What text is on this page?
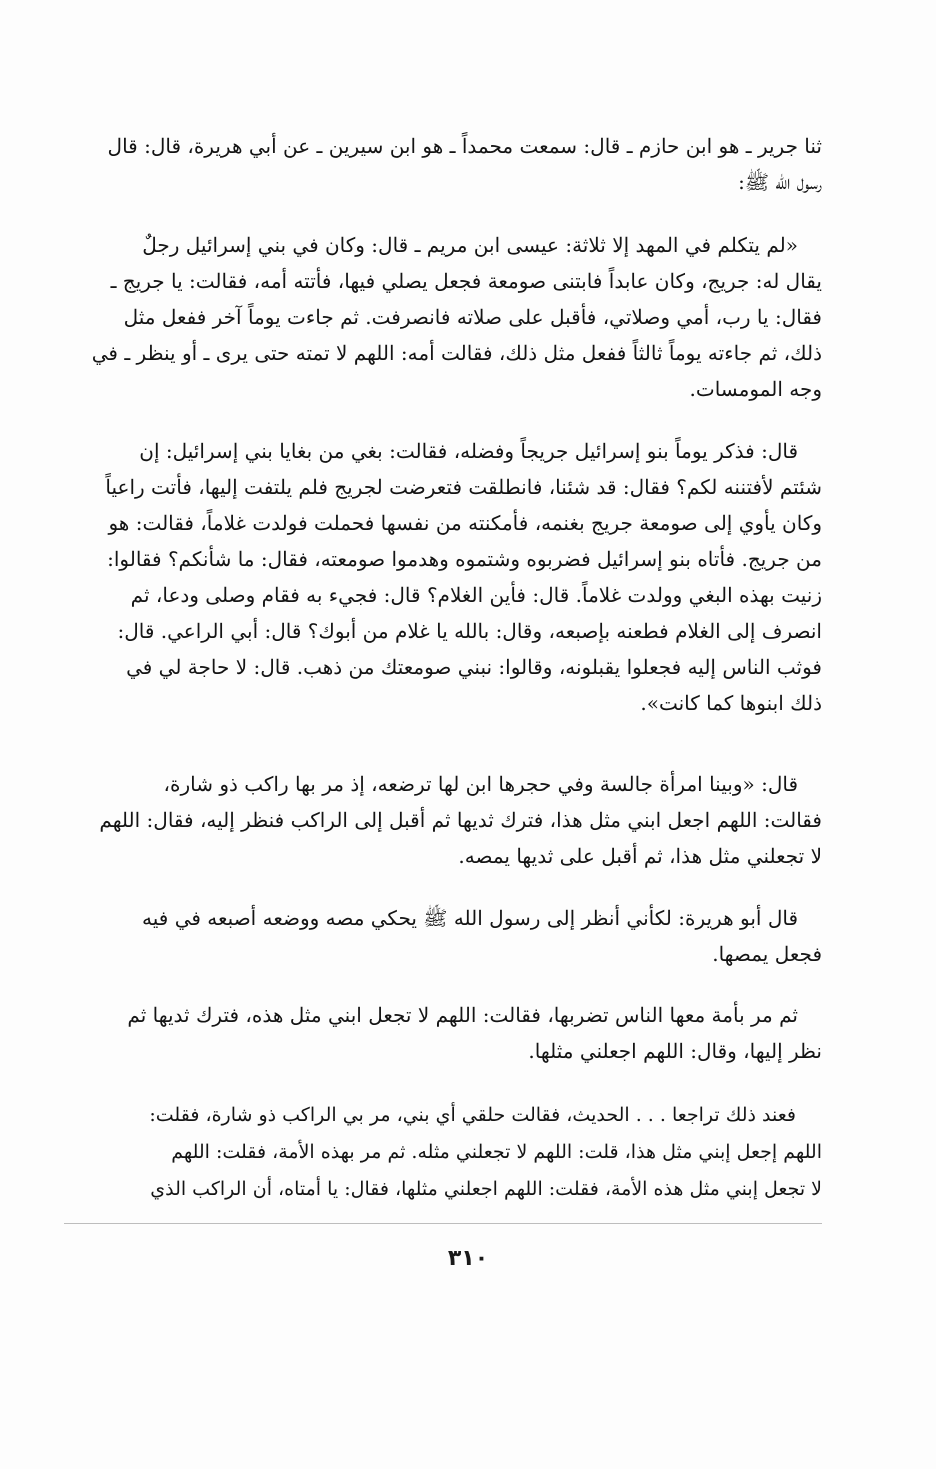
ثنا جرير ـ هو ابن حازم ـ قال: سمعت محمداً ـ هو ابن سيرين ـ عن أبي هريرة، قال: قال
رسول الله ﷺ:
«لم يتكلم في المهد إلا ثلاثة: عيسى ابن مريم ـ قال: وكان في بني إسرائيل رجلٌ
يقال له: جريج، وكان عابداً فابتنى صومعة فجعل يصلي فيها، فأتته أمه، فقالت: يا جريج ـ
فقال: يا رب، أمي وصلاتي، فأقبل على صلاته فانصرفت. ثم جاءت يوماً آخر ففعل مثل
ذلك، ثم جاءته يوماً ثالثاً ففعل مثل ذلك، فقالت أمه: اللهم لا تمته حتى يرى ـ أو ينظر ـ في
وجه المومسات.
قال: فذكر يوماً بنو إسرائيل جريجاً وفضله، فقالت: بغي من بغايا بني إسرائيل: إن
شئتم لأفتننه لكم؟ فقال: قد شئنا، فانطلقت فتعرضت لجريج فلم يلتفت إليها، فأتت راعياً
وكان يأوي إلى صومعة جريج بغنمه، فأمكنته من نفسها فحملت فولدت غلاماً، فقالت: هو
من جريج. فأتاه بنو إسرائيل فضربوه وشتموه وهدموا صومعته، فقال: ما شأنكم؟ فقالوا:
زنيت بهذه البغي وولدت غلاماً. قال: فأين الغلام؟ قال: فجيء به فقام وصلى ودعا، ثم
انصرف إلى الغلام فطعنه بإصبعه، وقال: بالله يا غلام من أبوك؟ قال: أبي الراعي. قال:
فوثب الناس إليه فجعلوا يقبلونه، وقالوا: نبني صومعتك من ذهب. قال: لا حاجة لي في
ذلك ابنوها كما كانت».
قال: «وبينا امرأة جالسة وفي حجرها ابن لها ترضعه، إذ مر بها راكب ذو شارة،
فقالت: اللهم اجعل ابني مثل هذا، فترك ثديها ثم أقبل إلى الراكب فنظر إليه، فقال: اللهم
لا تجعلني مثل هذا، ثم أقبل على ثديها يمصه.
قال أبو هريرة: لكأني أنظر إلى رسول الله ﷺ يحكي مصه ووضعه أصبعه في فيه
فجعل يمصها.
ثم مر بأمة معها الناس تضربها، فقالت: اللهم لا تجعل ابني مثل هذه، فترك ثديها ثم
نظر إليها، وقال: اللهم اجعلني مثلها.
فعند ذلك تراجعا . . . الحديث، فقالت حلقي أي بني، مر بي الراكب ذو شارة، فقلت:
اللهم إجعل إبني مثل هذا، قلت: اللهم لا تجعلني مثله. ثم مر بهذه الأمة، فقلت: اللهم
لا تجعل إبني مثل هذه الأمة، فقلت: اللهم اجعلني مثلها، فقال: يا أمتاه، أن الراكب الذي
٣١٠
